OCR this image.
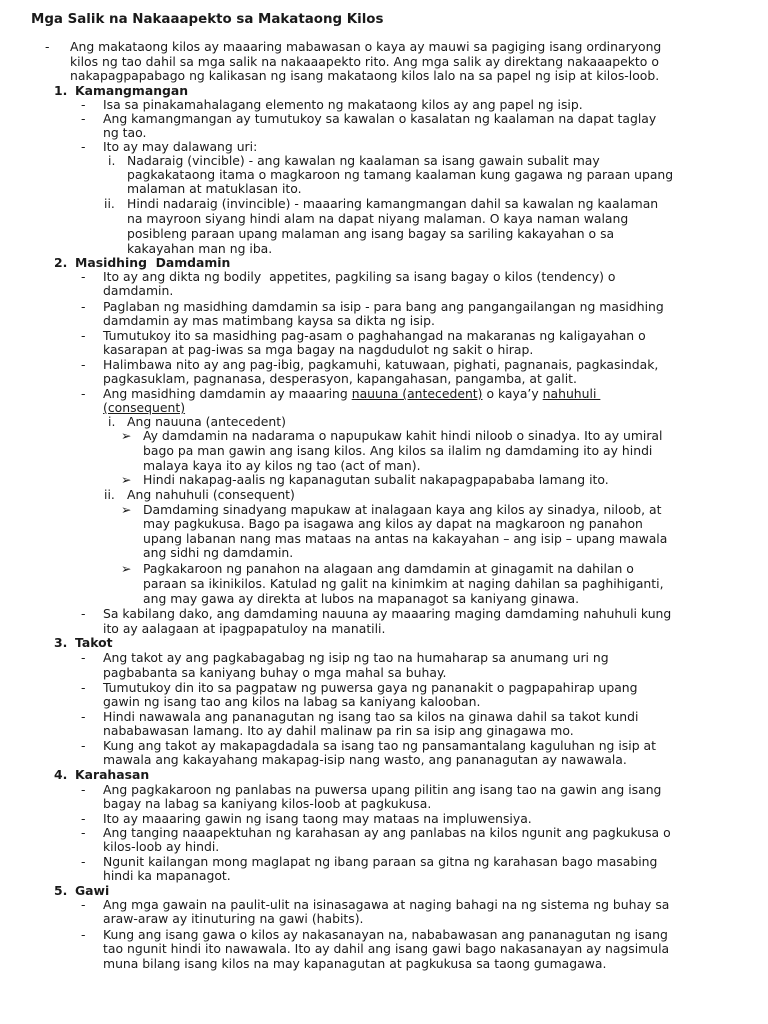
Mga Salik na Nakaaapekto sa Makataong Kilos
- Ang makataong kilos ay maaaring mabawasan o kaya ay mauwi sa pagiging isang ordinaryong
kilos ng tao dahil sa mga salik na nakaaapekto rito. Ang mga salik ay direktang nakaaapekto o
nakapagpapabago ng kalikasan ng isang makataong kilos lalo na sa papel ng isip at kilos-loob.
1. Kamangmangan
- Isa sa pinakamahalagang elemento ng makataong kilos ay ang papel ng isip.
- Ang kamangmangan ay tumutukoy sa kawalan o kasalatan ng kaalaman na dapat taglay
ng tao.
- Ito ay may dalawang uri:
i. Nadaraig (vincible) - ang kawalan ng kaalaman sa isang gawain subalit may
pagkakataong itama o magkaroon ng tamang kaalaman kung gagawa ng paraan upang
malaman at matuklasan ito.
ii. Hindi nadaraig (invincible) - maaaring kamangmangan dahil sa kawalan ng kaalaman
na mayroon siyang hindi alam na dapat niyang malaman. O kaya naman walang
posibleng paraan upang malaman ang isang bagay sa sariling kakayahan o sa
kakayahan man ng iba.
2. Masidhing  Damdamin
- Ito ay ang dikta ng bodily  appetites, pagkiling sa isang bagay o kilos (tendency) o
damdamin.
- Paglaban ng masidhing damdamin sa isip - para bang ang pangangailangan ng masidhing
damdamin ay mas matimbang kaysa sa dikta ng isip.
- Tumutukoy ito sa masidhing pag-asam o paghahangad na makaranas ng kaligayahan o
kasarapan at pag-iwas sa mga bagay na nagdudulot ng sakit o hirap.
- Halimbawa nito ay ang pag-ibig, pagkamuhi, katuwaan, pighati, pagnanais, pagkasindak,
pagkasuklam, pagnanasa, desperasyon, kapangahasan, pangamba, at galit.
- Ang masidhing damdamin ay maaaring nauuna (antecedent) o kaya’y nahuhuli
(consequent)
i. Ang nauuna (antecedent)
➢ Ay damdamin na nadarama o napupukaw kahit hindi niloob o sinadya. Ito ay umiral
bago pa man gawin ang isang kilos. Ang kilos sa ilalim ng damdaming ito ay hindi
malaya kaya ito ay kilos ng tao (act of man).
➢ Hindi nakapag-aalis ng kapanagutan subalit nakapagpapababa lamang ito.
ii. Ang nahuhuli (consequent)
➢ Damdaming sinadyang mapukaw at inalagaan kaya ang kilos ay sinadya, niloob, at
may pagkukusa. Bago pa isagawa ang kilos ay dapat na magkaroon ng panahon
upang labanan nang mas mataas na antas na kakayahan – ang isip – upang mawala
ang sidhi ng damdamin.
➢ Pagkakaroon ng panahon na alagaan ang damdamin at ginagamit na dahilan o
paraan sa ikinikilos. Katulad ng galit na kinimkim at naging dahilan sa paghihiganti,
ang may gawa ay direkta at lubos na mapanagot sa kaniyang ginawa.
- Sa kabilang dako, ang damdaming nauuna ay maaaring maging damdaming nahuhuli kung
ito ay aalagaan at ipagpapatuloy na manatili.
3. Takot
- Ang takot ay ang pagkabagabag ng isip ng tao na humaharap sa anumang uri ng
pagbabanta sa kaniyang buhay o mga mahal sa buhay.
- Tumutukoy din ito sa pagpataw ng puwersa gaya ng pananakit o pagpapahirap upang
gawin ng isang tao ang kilos na labag sa kaniyang kalooban.
- Hindi nawawala ang pananagutan ng isang tao sa kilos na ginawa dahil sa takot kundi
nababawasan lamang. Ito ay dahil malinaw pa rin sa isip ang ginagawa mo.
- Kung ang takot ay makapagdadala sa isang tao ng pansamantalang kaguluhan ng isip at
mawala ang kakayahang makapag-isip nang wasto, ang pananagutan ay nawawala.
4. Karahasan
- Ang pagkakaroon ng panlabas na puwersa upang pilitin ang isang tao na gawin ang isang
bagay na labag sa kaniyang kilos-loob at pagkukusa.
- Ito ay maaaring gawin ng isang taong may mataas na impluwensiya.
- Ang tanging naaapektuhan ng karahasan ay ang panlabas na kilos ngunit ang pagkukusa o
kilos-loob ay hindi.
- Ngunit kailangan mong maglapat ng ibang paraan sa gitna ng karahasan bago masabing
hindi ka mapanagot.
5. Gawi
- Ang mga gawain na paulit-ulit na isinasagawa at naging bahagi na ng sistema ng buhay sa
araw-araw ay itinuturing na gawi (habits).
- Kung ang isang gawa o kilos ay nakasanayan na, nababawasan ang pananagutan ng isang
tao ngunit hindi ito nawawala. Ito ay dahil ang isang gawi bago nakasanayan ay nagsimula
muna bilang isang kilos na may kapanagutan at pagkukusa sa taong gumagawa.
